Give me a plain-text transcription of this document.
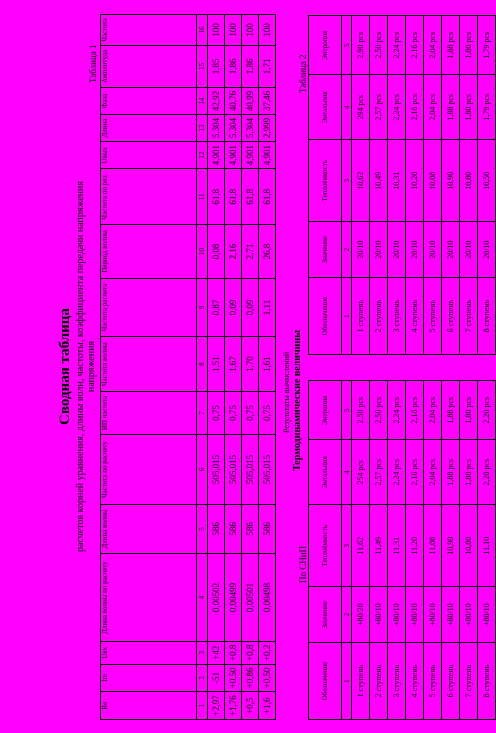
Сводная таблица расчетов корней уравнения, длины волн, частоты, коэффициента передачи напряжения
напряжения
Таблица 1
Re	Im	Uвх	Длина волны по расчету	Длина волны	Частота по расчету	ИП частота	Частота волны	Частота расчета	Период волны	Частота по рез.	Uвых	Длина	Фаза	Амплитуда	Частота
1	2	3	4	5	6	7	8	9	10	11	12	13	14	15	16
+2,97	-51	+42	0,00502	586	505,015	0,75	1,51	0,87	0,08	61,8	4,901	5,304	42,92	1,85	100
+1,76	+0,50	+0,8	0,00499	586	505,015	0,75	1,67	0,09	2,16	61,8	4,901	5,304	40,76	1,86	100
+0,5	+0,86	+0,8	0,00501	586	505,015	0,75	1,70	0,09	2,71	61,8	4,901	5,304	40,99	1,86	100
+1,6	+0,50	+0,2	0,00498	586	505,015	0,75	1,61	1,11	26,8	61,8	4,901	2,999	37,46	1,71	100
Результаты вычислений Термодинамические величины
По СНиП
Обозначение	Значение	Теплоёмкость	Энтальпия	Энтропия
1	2	3	4	5
1 ступень	+80/20	11,62	254 pcs	2,50 pcs
2 ступень	+80/10	11,49	2,57 pcs	2,50 pcs
3 ступень	+80/10	11,31	2,24 pcs	2,24 pcs
4 ступень	+80/10	11,20	2,16 pcs	2,16 pcs
5 ступень	+80/10	11,08	2,04 pcs	2,04 pcs
6 ступень	+80/10	10,90	1,88 pcs	1,88 pcs
7 ступень	+80/10	10,80	1,80 pcs	1,80 pcs
8 ступень	+80/10	11,10	2,20 pcs	2,20 pcs
Таблица 2
Обозначение	Значение	Теплоёмкость	Энтальпия	Энтропия
1	2	3	4	5
1 ступень	20/10	10,62	294 pcs	2,90 pcs
2 ступень	20/10	10,49	2,57 pcs	2,50 pcs
3 ступень	20/10	10,31	2,24 pcs	2,24 pcs
4 ступень	20/10	10,20	2,16 pcs	2,16 pcs
5 ступень	20/10	10,08	2,04 pcs	2,04 pcs
6 ступень	20/10	10,90	1,88 pcs	1,88 pcs
7 ступень	20/10	10,80	1,80 pcs	1,80 pcs
8 ступень	20/10	10,50	1,79 pcs	1,79 pcs
